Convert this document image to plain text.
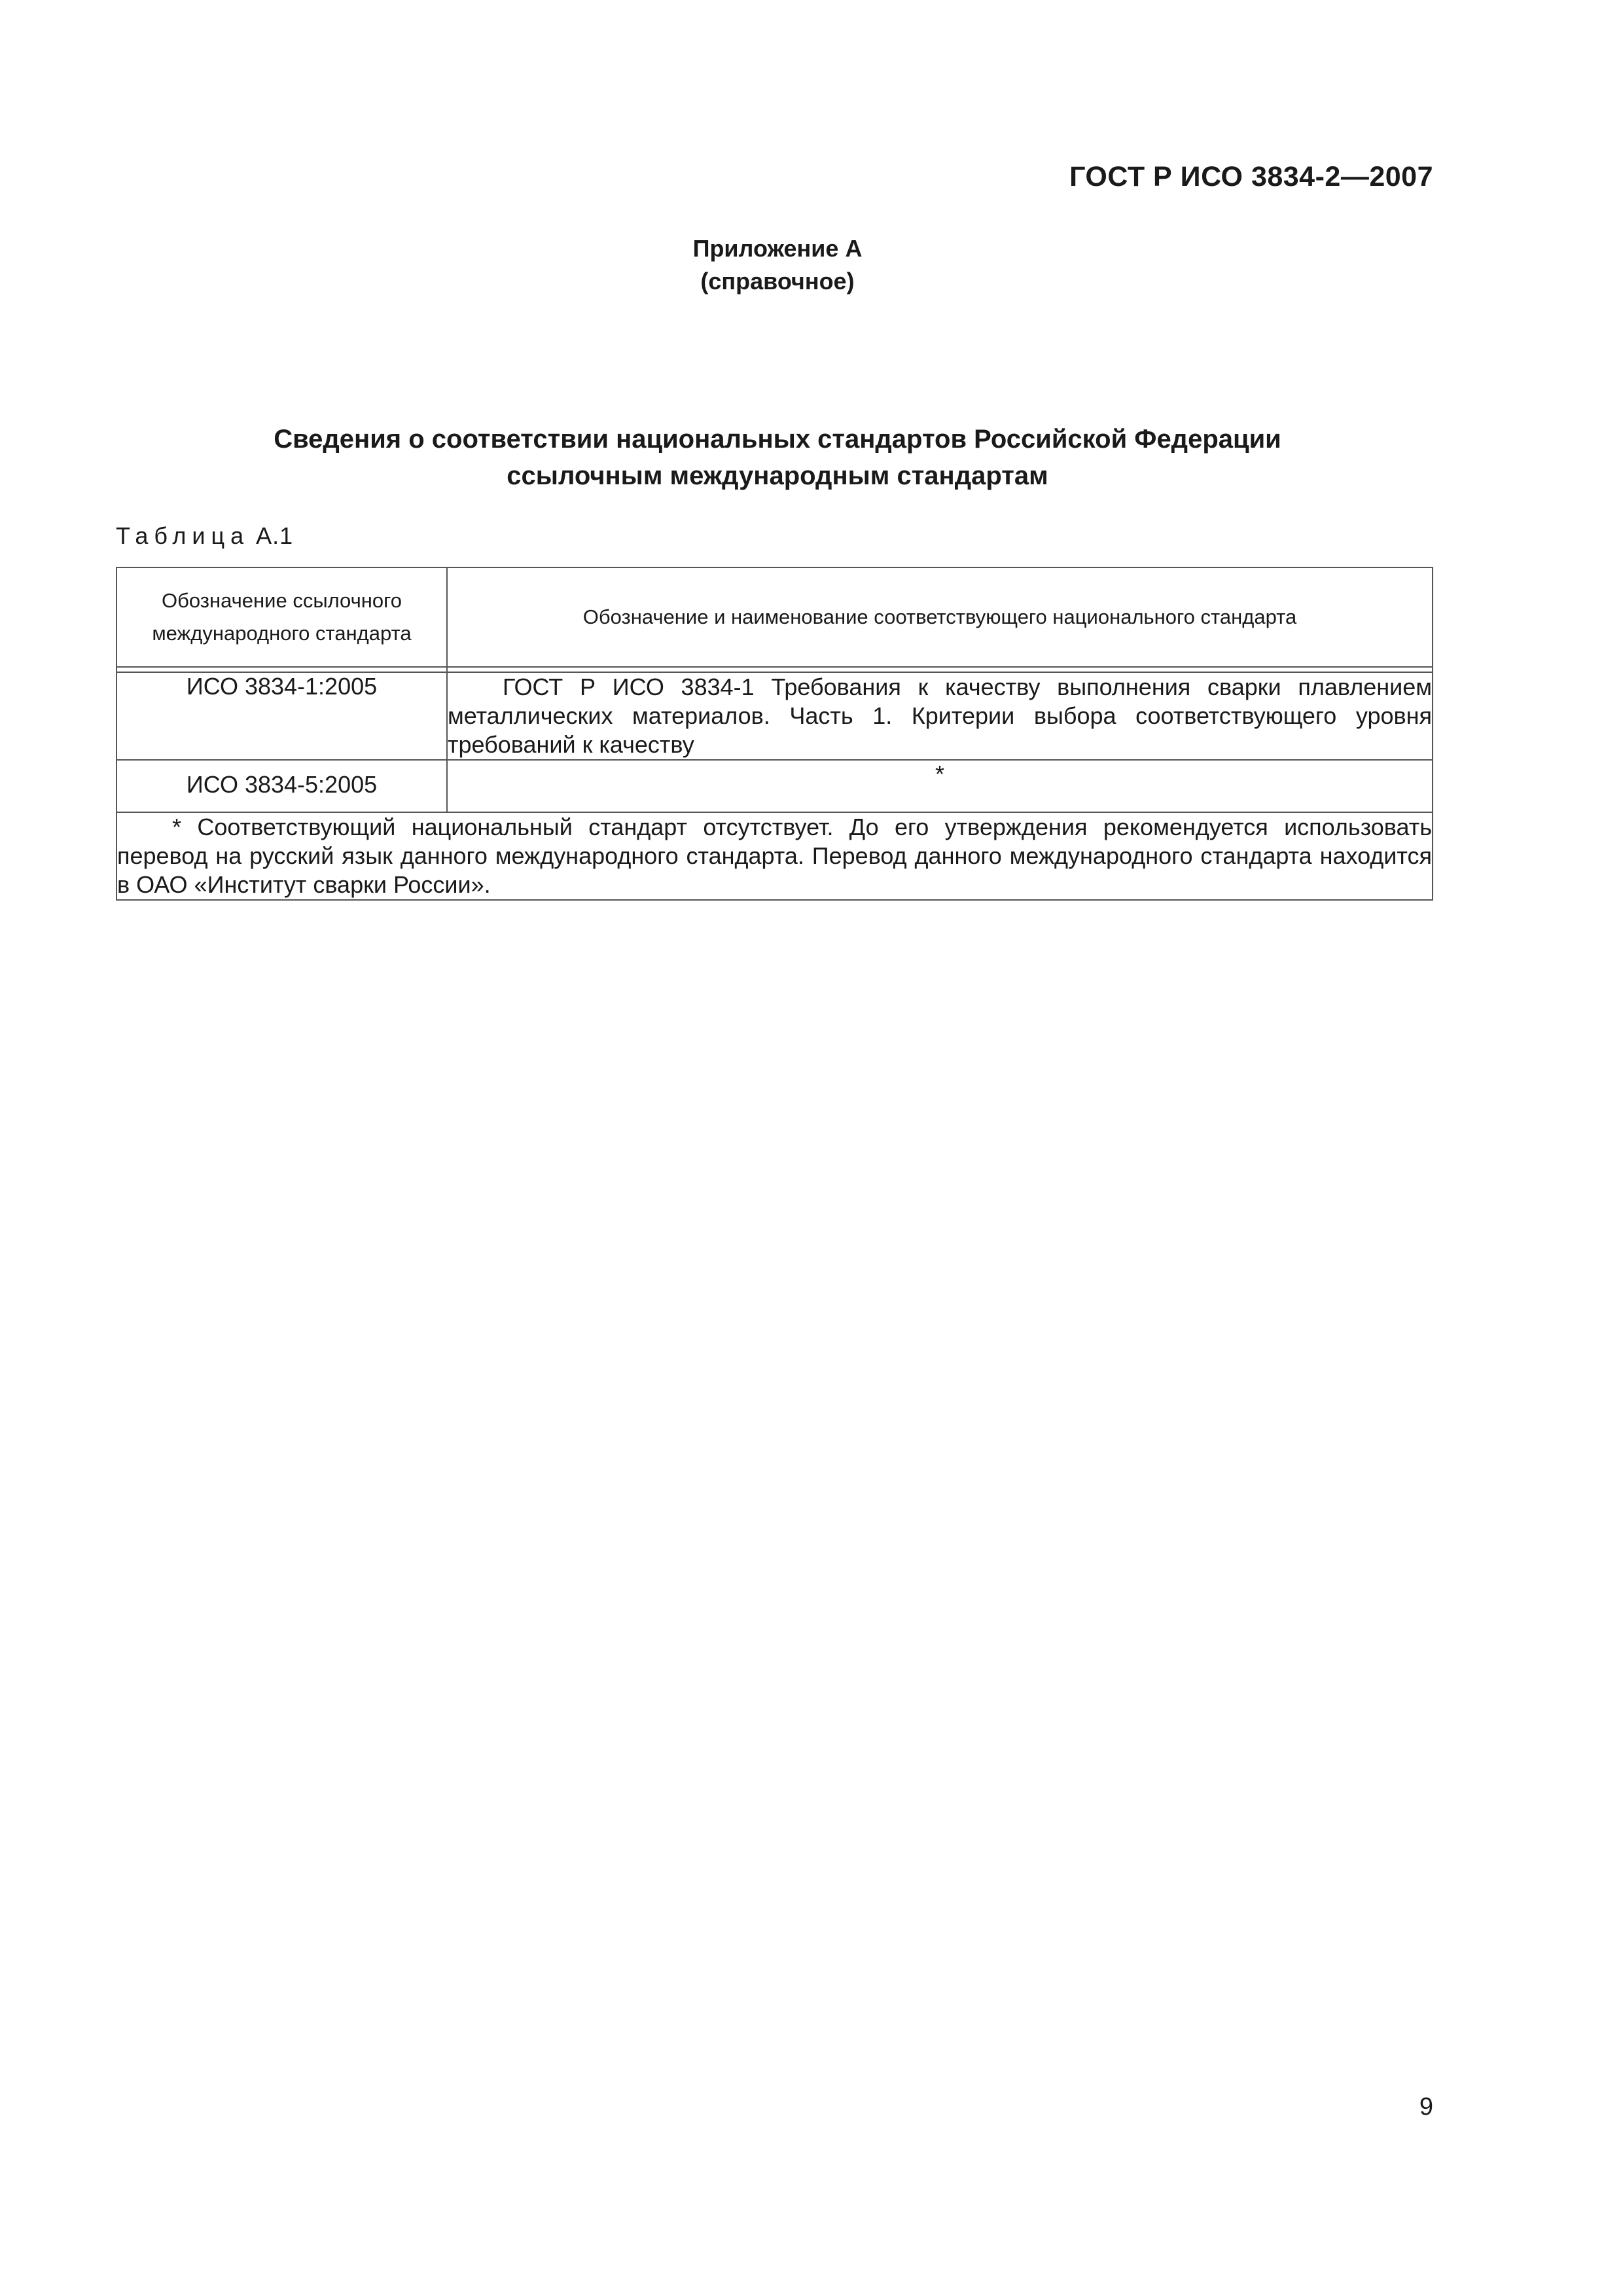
ГОСТ Р ИСО 3834-2—2007
Приложение А
(справочное)
Сведения о соответствии национальных стандартов Российской Федерации
ссылочным международным стандартам
Таблица А.1
Обозначение ссылочного
международного стандарта	Обозначение и наименование соответствующего национального стандарта

ИСО 3834-1:2005	ГОСТ Р ИСО 3834-1 Требования к качеству выполнения сварки плавлением металлических материалов. Часть 1. Критерии выбора соответствующего уровня требований к качеству
ИСО 3834-5:2005	*
* Соответствующий национальный стандарт отсутствует. До его утверждения рекомендуется использовать перевод на русский язык данного международного стандарта. Перевод данного международного стандарта находится в ОАО «Институт сварки России».	
9
